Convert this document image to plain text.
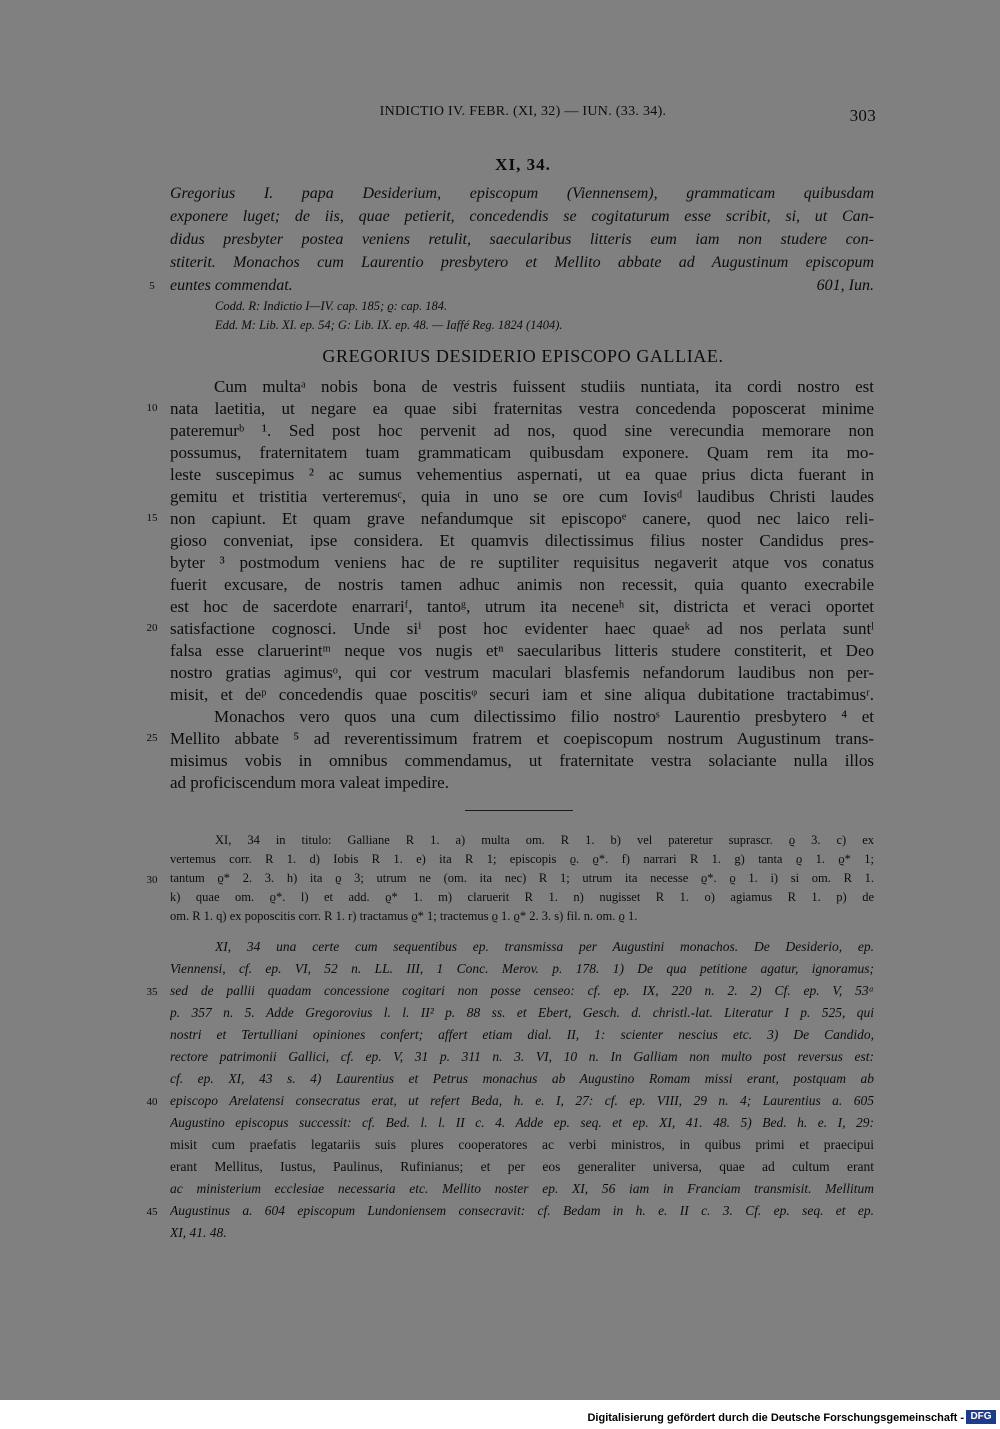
INDICTIO IV. FEBR. (XI, 32) — IUN. (33. 34).	303
XI, 34.
Gregorius I. papa Desiderium, episcopum (Viennensem), grammaticam quibusdam
exponere luget; de iis, quae petierit, concedendis se cogitaturum esse scribit, si, ut Can-
didus presbyter postea veniens retulit, saecularibus litteris eum iam non studere con-
stiterit. Monachos cum Laurentio presbytero et Mellito abbate ad Augustinum episcopum
euntes commendat.	601, Iun.
Codd. R: Indictio I—IV. cap. 185; ϱ: cap. 184.
Edd. M: Lib. XI. ep. 54; G: Lib. IX. ep. 48. — Iaffé Reg. 1824 (1404).
GREGORIUS DESIDERIO EPISCOPO GALLIAE.
Cum multaᵃ nobis bona de vestris fuissent studiis nuntiata, ita cordi nostro est
nata laetitia, ut negare ea quae sibi fraternitas vestra concedenda poposcerat minime
pateremurᵇ ¹. Sed post hoc pervenit ad nos, quod sine verecundia memorare non
possumus, fraternitatem tuam grammaticam quibusdam exponere. Quam rem ita mo-
leste suscepimus ² ac sumus vehementius aspernati, ut ea quae prius dicta fuerant in
gemitu et tristitia verteremusᶜ, quia in uno se ore cum Iovisᵈ laudibus Christi laudes
non capiunt. Et quam grave nefandumque sit episcopoᵉ canere, quod nec laico reli-
gioso conveniat, ipse considera. Et quamvis dilectissimus filius noster Candidus pres-
byter ³ postmodum veniens hac de re suptiliter requisitus negaverit atque vos conatus
fuerit excusare, de nostris tamen adhuc animis non recessit, quia quanto execrabile
est hoc de sacerdote enarrariᶠ, tantoᵍ, utrum ita neceneʰ sit, districta et veraci oportet
satisfactione cognosci. Unde siⁱ post hoc evidenter haec quaeᵏ ad nos perlata suntˡ
falsa esse claruerintᵐ neque vos nugis etⁿ saecularibus litteris studere constiterit, et Deo
nostro gratias agimusᵒ, qui cor vestrum maculari blasfemis nefandorum laudibus non per-
misit, et deᵖ concedendis quae poscitisᵠ securi iam et sine aliqua dubitatione tractabimusʳ.
Monachos vero quos una cum dilectissimo filio nostroˢ Laurentio presbytero ⁴ et
Mellito abbate ⁵ ad reverentissimum fratrem et coepiscopum nostrum Augustinum trans-
misimus vobis in omnibus commendamus, ut fraternitate vestra solaciante nulla illos
ad proficiscendum mora valeat impedire.
XI, 34 in titulo: Galliane R 1. a) multa om. R 1. b) vel pateretur suprascr. ϱ 3. c) ex
vertemus corr. R 1. d) Iobis R 1. e) ita R 1; episcopis ϱ. ϱ*. f) narrari R 1. g) tanta ϱ 1. ϱ* 1;
tantum ϱ* 2. 3. h) ita ϱ 3; utrum ne (om. ita nec) R 1; utrum ita necesse ϱ*. ϱ 1. i) si om. R 1.
k) quae om. ϱ*. l) et add. ϱ* 1. m) claruerit R 1. n) nugisset R 1. o) agiamus R 1. p) de
om. R 1. q) ex poposcitis corr. R 1. r) tractamus ϱ* 1; tractemus ϱ 1. ϱ* 2. 3. s) fil. n. om. ϱ 1.
XI, 34 una certe cum sequentibus ep. transmissa per Augustini monachos. De Desiderio, ep.
Viennensi, cf. ep. VI, 52 n. LL. III, 1 Conc. Merov. p. 178. 1) De qua petitione agatur, ignoramus;
sed de pallii quadam concessione cogitari non posse censeo: cf. ep. IX, 220 n. 2. 2) Cf. ep. V, 53ᵃ
p. 357 n. 5. Adde Gregorovius l. l. II² p. 88 ss. et Ebert, Gesch. d. christl.-lat. Literatur I p. 525, qui
nostri et Tertulliani opiniones confert; affert etiam dial. II, 1: scienter nescius etc. 3) De Candido,
rectore patrimonii Gallici, cf. ep. V, 31 p. 311 n. 3. VI, 10 n. In Galliam non multo post reversus est:
cf. ep. XI, 43 s. 4) Laurentius et Petrus monachus ab Augustino Romam missi erant, postquam ab
episcopo Arelatensi consecratus erat, ut refert Beda, h. e. I, 27: cf. ep. VIII, 29 n. 4; Laurentius a. 605
Augustino episcopus successit: cf. Bed. l. l. II c. 4. Adde ep. seq. et ep. XI, 41. 48. 5) Bed. h. e. I, 29:
misit cum praefatis legatariis suis plures cooperatores ac verbi ministros, in quibus primi et praecipui
erant Mellitus, Iustus, Paulinus, Rufinianus; et per eos generaliter universa, quae ad cultum erant
ac ministerium ecclesiae necessaria etc. Mellito noster ep. XI, 56 iam in Franciam transmisit. Mellitum
Augustinus a. 604 episcopum Lundoniensem consecravit: cf. Bedam in h. e. II c. 3. Cf. ep. seq. et ep.
XI, 41. 48.
5
10
15
20
25
30
35
40
45
Digitalisierung gefördert durch die Deutsche Forschungsgemeinschaft - DFG
